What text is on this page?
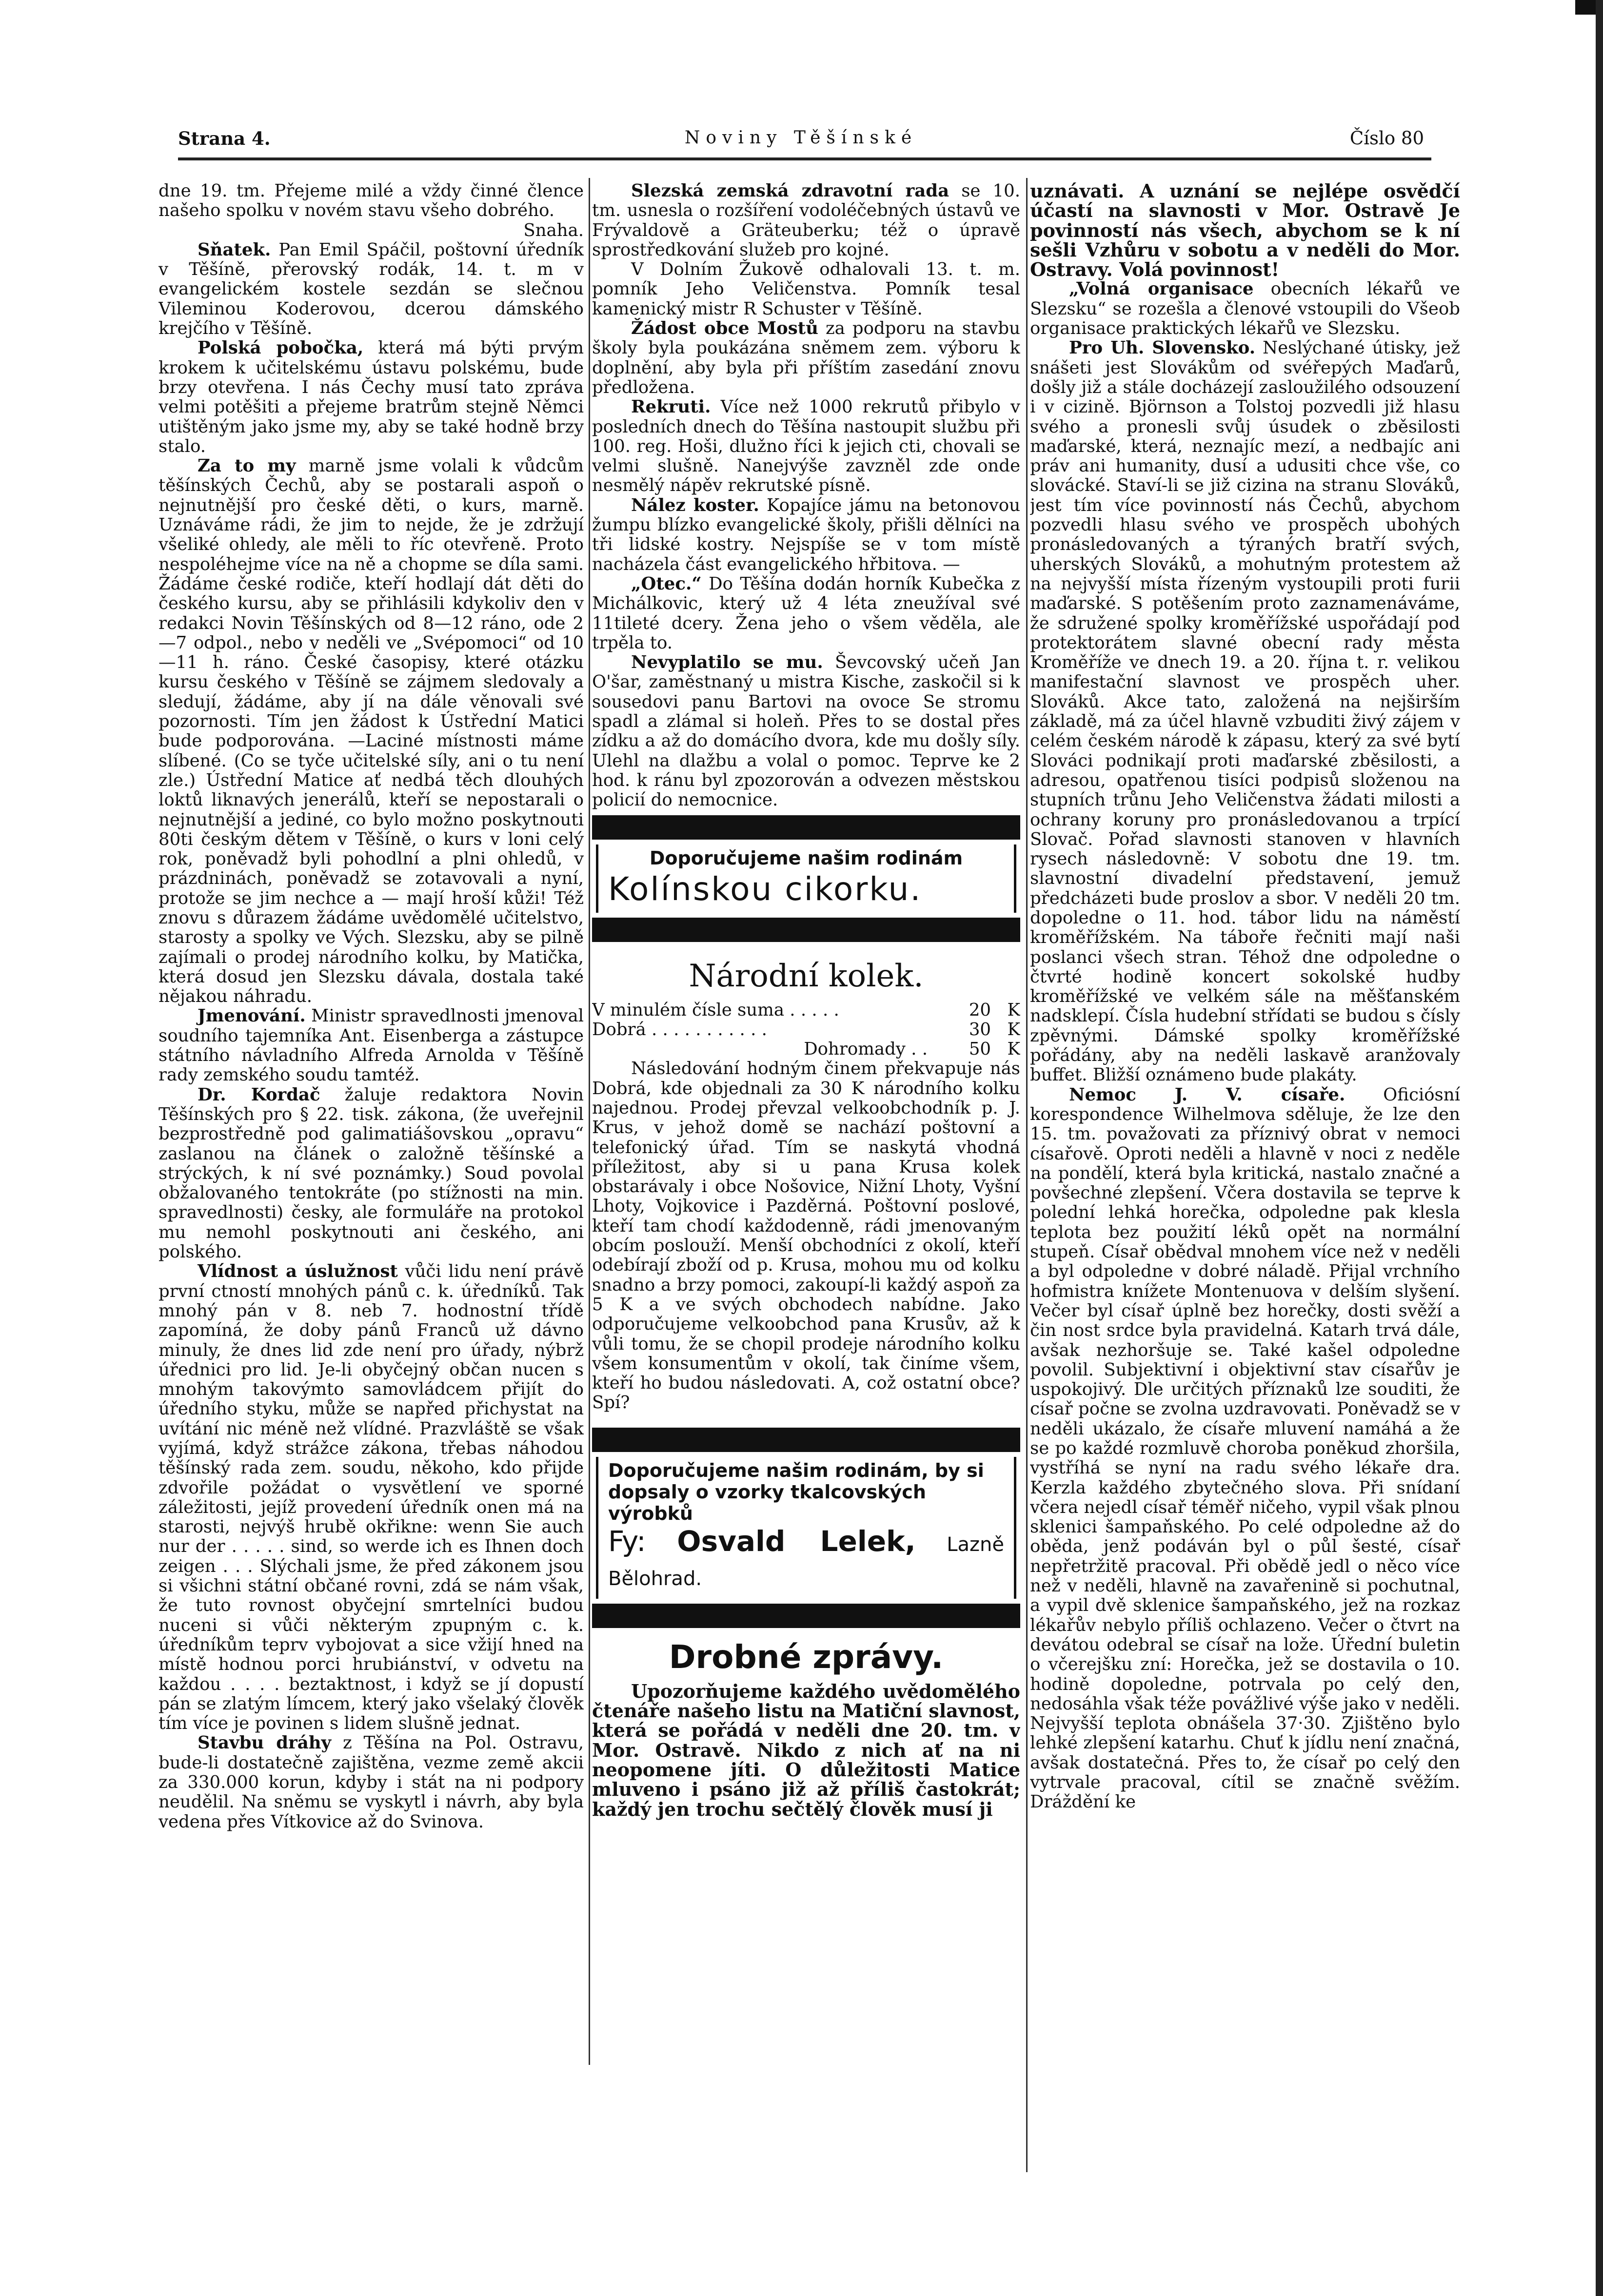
Strana 4.	Noviny Těšínské	Číslo 80

dne 19. tm. Přejeme milé a vždy činné člence našeho spolku v novém stavu všeho dobrého.

Snaha.

Sňatek. Pan Emil Spáčil, poštovní úředník v Těšíně, přerovský rodák, 14. t. m v evangelickém kostele sezdán se slečnou Vileminou Koderovou, dcerou dámského krejčího v Těšíně.

Polská pobočka, která má býti prvým krokem k učitelskému ústavu polskému, bude brzy otevřena. I nás Čechy musí tato zpráva velmi potěšiti a přejeme bratrům stejně Němci utištěným jako jsme my, aby se také hodně brzy stalo.

Za to my marně jsme volali k vůdcům těšínských Čechů, aby se postarali aspoň o nejnutnější pro české děti, o kurs, marně. Uznáváme rádi, že jim to nejde, že je zdržují všeliké ohledy, ale měli to říc otevřeně. Proto nespoléhejme více na ně a chopme se díla sami. Žádáme české rodiče, kteří hodlají dát děti do českého kursu, aby se přihlásili kdykoliv den v redakci Novin Těšínských od 8—12 ráno, ode 2—7 odpol., nebo v neděli ve „Svépomoci“ od 10—11 h. ráno. České časopisy, které otázku kursu českého v Těšíně se zájmem sledovaly a sledují, žádáme, aby jí na dále věnovali své pozornosti. Tím jen žádost k Ústřední Matici bude podporována. —Laciné místnosti máme slíbené. (Co se tyče učitelské síly, ani o tu není zle.) Ústřední Matice ať nedbá těch dlouhých loktů liknavých jenerálů, kteří se nepostarali o nejnutnější a jediné, co bylo možno poskytnouti 80ti českým dětem v Těšíně, o kurs v loni celý rok, poněvadž byli pohodlní a plni ohledů, v prázdninách, poněvadž se zotavovali a nyní, protože se jim nechce a — mají hroší kůži! Též znovu s důrazem žádáme uvědomělé učitelstvo, starosty a spolky ve Vých. Slezsku, aby se pilně zajímali o prodej národního kolku, by Matička, která dosud jen Slezsku dávala, dostala také nějakou náhradu.

Jmenování. Ministr spravedlnosti jmenoval soudního tajemníka Ant. Eisenberga a zástupce státního návladního Alfreda Arnolda v Těšíně rady zemského soudu tamtéž.

Dr. Kordač žaluje redaktora Novin Těšínských pro § 22. tisk. zákona, (že uveřejnil bezprostředně pod galimatiášovskou „opravu“ zaslanou na článek o založně těšínské a strýckých, k ní své poznámky.) Soud povolal obžalovaného tentokráte (po stížnosti na min. spravedlnosti) česky, ale formuláře na protokol mu nemohl poskytnouti ani českého, ani polského.

Vlídnost a úslužnost vůči lidu není právě první ctností mnohých pánů c. k. úředníků. Tak mnohý pán v 8. neb 7. hodnostní třídě zapomíná, že doby pánů Franců už dávno minuly, že dnes lid zde není pro úřady, nýbrž úřednici pro lid. Je-li obyčejný občan nucen s mnohým takovýmto samovládcem přijít do úředního styku, může se napřed přichystat na uvítání nic méně než vlídné. Prazvláště se však vyjímá, když strážce zákona, třebas náhodou těšínský rada zem. soudu, někoho, kdo přijde zdvořile požádat o vysvětlení ve sporné záležitosti, jejíž provedení úředník onen má na starosti, nejvýš hrubě okřikne: wenn Sie auch nur der . . . . . sind, so werde ich es Ihnen doch zeigen . . . Slýchali jsme, že před zákonem jsou si všichni státní občané rovni, zdá se nám však, že tuto rovnost obyčejní smrtelníci budou nuceni si vůči některým zpupným c. k. úředníkům teprv vybojovat a sice vžijí hned na místě hodnou porci hrubiánství, v odvetu na každou . . . . beztaktnost, i když se jí dopustí pán se zlatým límcem, který jako všelaký člověk tím více je povinen s lidem slušně jednat.

Stavbu dráhy z Těšína na Pol. Ostravu, bude-li dostatečně zajištěna, vezme země akcii za 330.000 korun, kdyby i stát na ni podpory neudělil. Na sněmu se vyskytl i návrh, aby byla vedena přes Vítkovice až do Svinova.

Slezská zemská zdravotní rada se 10. tm. usnesla o rozšíření vodoléčebných ústavů ve Frývaldově a Gräteuberku; též o úpravě sprostředkování služeb pro kojné.

V Dolním Žukově odhalovali 13. t. m. pomník Jeho Veličenstva. Pomník tesal kamenický mistr R Schuster v Těšíně.

Žádost obce Mostů za podporu na stavbu školy byla poukázána sněmem zem. výboru k doplnění, aby byla při příštím zasedání znovu předložena.

Rekruti. Více než 1000 rekrutů přibylo v posledních dnech do Těšína nastoupit službu při 100. reg. Hoši, dlužno říci k jejich cti, chovali se velmi slušně. Nanejvýše zavzněl zde onde nesmělý nápěv rekrutské písně.

Nález koster. Kopajíce jámu na betonovou žumpu blízko evangelické školy, přišli dělníci na tři lidské kostry. Nejspíše se v tom místě nacházela část evangelického hřbitova. —

„Otec.“ Do Těšína dodán horník Kubečka z Michálkovic, který už 4 léta zneužíval své 11tileté dcery. Žena jeho o všem věděla, ale trpěla to.

Nevyplatilo se mu. Ševcovský učeň Jan O'šar, zaměstnaný u mistra Kische, zaskočil si k sousedovi panu Bartovi na ovoce Se stromu spadl a zlámal si holeň. Přes to se dostal přes zídku a až do domácího dvora, kde mu došly síly. Ulehl na dlažbu a volal o pomoc. Teprve ke 2 hod. k ránu byl zpozorován a odvezen městskou policií do nemocnice.

Doporučujeme našim rodinám
Kolínskou cikorku.
Národní kolek.
V minulém čísle suma . . . . .	20 K
Dobrá . . . . . . . . . . .	30 K
Dohromady . .	50 K

Následování hodným činem překvapuje nás Dobrá, kde objednali za 30 K národního kolku najednou. Prodej převzal velkoobchodník p. J. Krus, v jehož domě se nachází poštovní a telefonický úřad. Tím se naskytá vhodná příležitost, aby si u pana Krusa kolek obstarávaly i obce Nošovice, Nižní Lhoty, Vyšní Lhoty, Vojkovice i Pazděrná. Poštovní poslové, kteří tam chodí každodenně, rádi jmenovaným obcím poslouží. Menší obchodníci z okolí, kteří odebírají zboží od p. Krusa, mohou mu od kolku snadno a brzy pomoci, zakoupí-li každý aspoň za 5 K a ve svých obchodech nabídne. Jako odporučujeme velkoobchod pana Krusův, až k vůli tomu, že se chopil prodeje národního kolku všem konsumentům v okolí, tak činíme všem, kteří ho budou následovati. A, což ostatní obce? Spí?

Doporučujeme našim rodinám, by si dopsaly o vzorky tkalcovských výrobků
Fy: Osvald Lelek, Lazně Bělohrad.
Drobné zprávy.

Upozorňujeme každého uvědomělého čtenáře našeho listu na Matiční slavnost, která se pořádá v neděli dne 20. tm. v Mor. Ostravě. Nikdo z nich ať na ni neopomene jíti. O důležitosti Matice mluveno i psáno již až příliš častokrát; každý jen trochu sečtělý člověk musí ji

uznávati. A uznání se nejlépe osvědčí účastí na slavnosti v Mor. Ostravě Je povinností nás všech, abychom se k ní sešli Vzhůru v sobotu a v neděli do Mor. Ostravy. Volá povinnost!

„Volná organisace obecních lékařů ve Slezsku“ se rozešla a členové vstoupili do Všeob organisace praktických lékařů ve Slezsku.

Pro Uh. Slovensko. Neslýchané útisky, jež snášeti jest Slovákům od svéřepých Maďarů, došly již a stále docházejí zasloužilého odsouzení i v cizině. Björnson a Tolstoj pozvedli již hlasu svého a pronesli svůj úsudek o zběsilosti maďarské, která, neznajíc mezí, a nedbajíc ani práv ani humanity, dusí a udusiti chce vše, co slovácké. Staví-li se již cizina na stranu Slováků, jest tím více povinností nás Čechů, abychom pozvedli hlasu svého ve prospěch ubohých pronásledovaných a týraných bratří svých, uherských Slováků, a mohutným protestem až na nejvyšší místa řízeným vystoupili proti furii maďarské. S potěšením proto zaznamenáváme, že sdružené spolky kroměřížské uspořádají pod protektorátem slavné obecní rady města Kroměříže ve dnech 19. a 20. října t. r. velikou manifestační slavnost ve prospěch uher. Slováků. Akce tato, založená na nejširším základě, má za účel hlavně vzbuditi živý zájem v celém českém národě k zápasu, který za své bytí Slováci podnikají proti maďarské zběsilosti, a adresou, opatřenou tisíci podpisů složenou na stupních trůnu Jeho Veličenstva žádati milosti a ochrany koruny pro pronásledovanou a trpící Slovač. Pořad slavnosti stanoven v hlavních rysech následovně: V sobotu dne 19. tm. slavnostní divadelní představení, jemuž předcházeti bude proslov a sbor. V neděli 20 tm. dopoledne o 11. hod. tábor lidu na náměstí kroměřížském. Na táboře řečniti mají naši poslanci všech stran. Téhož dne odpoledne o čtvrté hodině koncert sokolské hudby kroměřížské ve velkém sále na měšťanském nadsklepí. Čísla hudební střídati se budou s čísly zpěvnými. Dámské spolky kroměřížské pořádány, aby na neděli laskavě aranžovaly buffet. Bližší oznámeno bude plakáty.

Nemoc J. V. císaře. Oficiósní korespondence Wilhelmova sděluje, že lze den 15. tm. považovati za příznivý obrat v nemoci císařově. Oproti neděli a hlavně v noci z neděle na pondělí, která byla kritická, nastalo značné a povšechné zlepšení. Včera dostavila se teprve k polední lehká horečka, odpoledne pak klesla teplota bez použití léků opět na normální stupeň. Císař obědval mnohem více než v neděli a byl odpoledne v dobré náladě. Přijal vrchního hofmistra knížete Montenuova v delším slyšení. Večer byl císař úplně bez horečky, dosti svěží a čin nost srdce byla pravidelná. Katarh trvá dále, avšak nezhoršuje se. Také kašel odpoledne povolil. Subjektivní i objektivní stav císařův je uspokojivý. Dle určitých příznaků lze souditi, že císař počne se zvolna uzdravovati. Poněvadž se v neděli ukázalo, že císaře mluvení namáhá a že se po každé rozmluvě choroba poněkud zhoršila, vystříhá se nyní na radu svého lékaře dra. Kerzla každého zbytečného slova. Při snídaní včera nejedl císař téměř ničeho, vypil však plnou sklenici šampaňského. Po celé odpoledne až do oběda, jenž podáván byl o půl šesté, císař nepřetržitě pracoval. Při obědě jedl o něco více než v neděli, hlavně na zavařenině si pochutnal, a vypil dvě sklenice šampaňského, jež na rozkaz lékařův nebylo příliš ochlazeno. Večer o čtvrt na devátou odebral se císař na lože. Úřední buletin o včerejšku zní: Horečka, jež se dostavila o 10. hodině dopoledne, potrvala po celý den, nedosáhla však téže povážlivé výše jako v neděli. Nejvyšší teplota obnášela 37·30. Zjištěno bylo lehké zlepšení katarhu. Chuť k jídlu není značná, avšak dostatečná. Přes to, že císař po celý den vytrvale pracoval, cítil se značně svěžím. Dráždění ke
